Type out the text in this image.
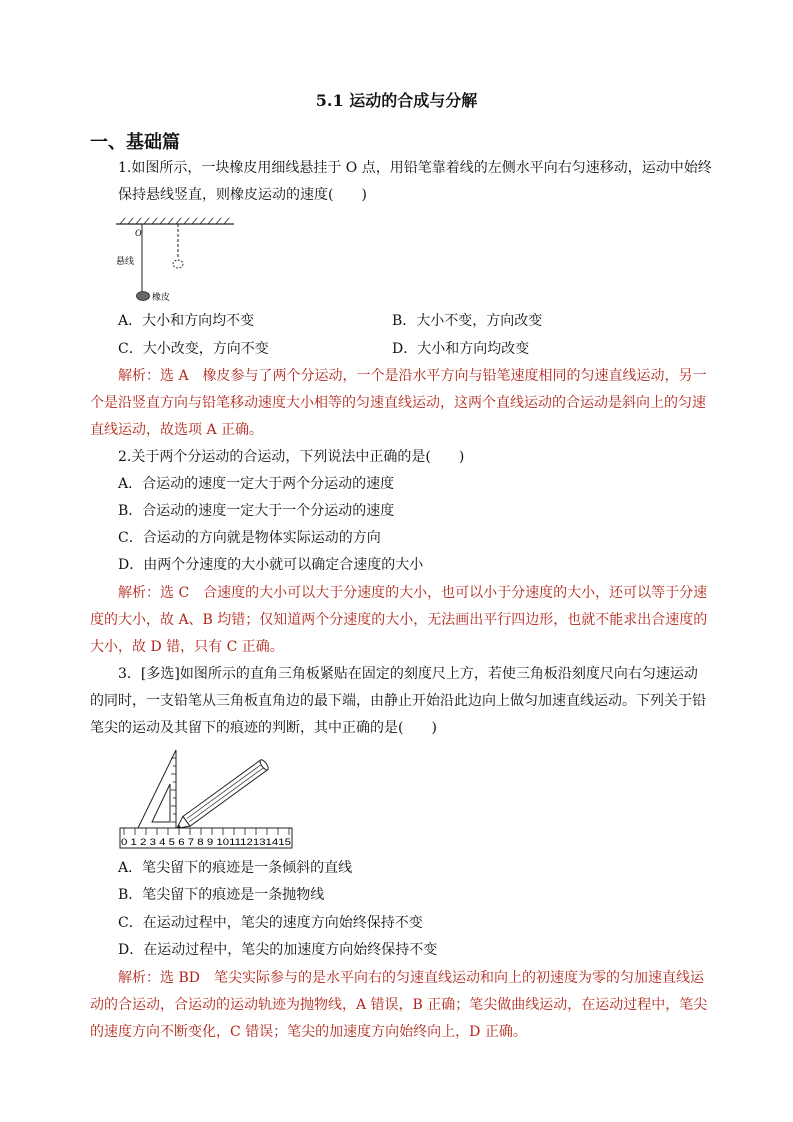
5.1 运动的合成与分解
一、基础篇
1.如图所示，一块橡皮用细线悬挂于 O 点，用铅笔靠着线的左侧水平向右匀速移动，运动中始终
保持悬线竖直，则橡皮运动的速度(　　)
O
悬线
橡皮
A．大小和方向均不变	B．大小不变，方向改变
C．大小改变，方向不变	D．大小和方向均改变
解析：选 A　橡皮参与了两个分运动，一个是沿水平方向与铅笔速度相同的匀速直线运动，另一
个是沿竖直方向与铅笔移动速度大小相等的匀速直线运动，这两个直线运动的合运动是斜向上的匀速
直线运动，故选项 A 正确。
2.关于两个分运动的合运动，下列说法中正确的是(　　)
A．合运动的速度一定大于两个分运动的速度
B．合运动的速度一定大于一个分运动的速度
C．合运动的方向就是物体实际运动的方向
D．由两个分速度的大小就可以确定合速度的大小
解析：选 C　合速度的大小可以大于分速度的大小，也可以小于分速度的大小，还可以等于分速
度的大小，故 A、B 均错；仅知道两个分速度的大小，无法画出平行四边形，也就不能求出合速度的
大小，故 D 错，只有 C 正确。
3．[多选]如图所示的直角三角板紧贴在固定的刻度尺上方，若使三角板沿刻度尺向右匀速运动
的同时，一支铅笔从三角板直角边的最下端，由静止开始沿此边向上做匀加速直线运动。下列关于铅
笔尖的运动及其留下的痕迹的判断，其中正确的是(　　)
0 1 2 3 4 5 6 7 8 9 101112131415
A．笔尖留下的痕迹是一条倾斜的直线
B．笔尖留下的痕迹是一条抛物线
C．在运动过程中，笔尖的速度方向始终保持不变
D．在运动过程中，笔尖的加速度方向始终保持不变
解析：选 BD　笔尖实际参与的是水平向右的匀速直线运动和向上的初速度为零的匀加速直线运
动的合运动，合运动的运动轨迹为抛物线，A 错误，B 正确；笔尖做曲线运动，在运动过程中，笔尖
的速度方向不断变化，C 错误；笔尖的加速度方向始终向上，D 正确。
